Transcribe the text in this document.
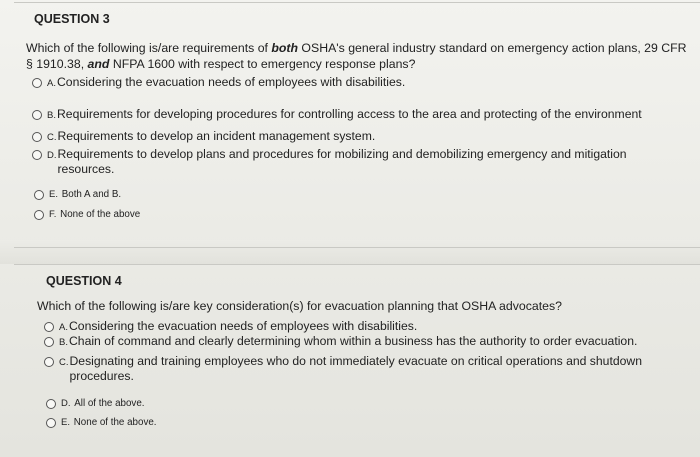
QUESTION 3
Which of the following is/are requirements of both OSHA's general industry standard on emergency action plans, 29 CFR § 1910.38, and NFPA 1600 with respect to emergency response plans?
A. Considering the evacuation needs of employees with disabilities.
B. Requirements for developing procedures for controlling access to the area and protecting of the environment
C. Requirements to develop an incident management system.
D. Requirements to develop plans and procedures for mobilizing and demobilizing emergency and mitigation
resources.
E.
Both A and B.
F.
None of the above
QUESTION 4
Which of the following is/are key consideration(s) for evacuation planning that OSHA advocates?
A. Considering the evacuation needs of employees with disabilities.
B. Chain of command and clearly determining whom within a business has the authority to order evacuation.
C. Designating and training employees who do not immediately evacuate on critical operations and shutdown
procedures.
D.
All of the above.
E.
None of the above.
